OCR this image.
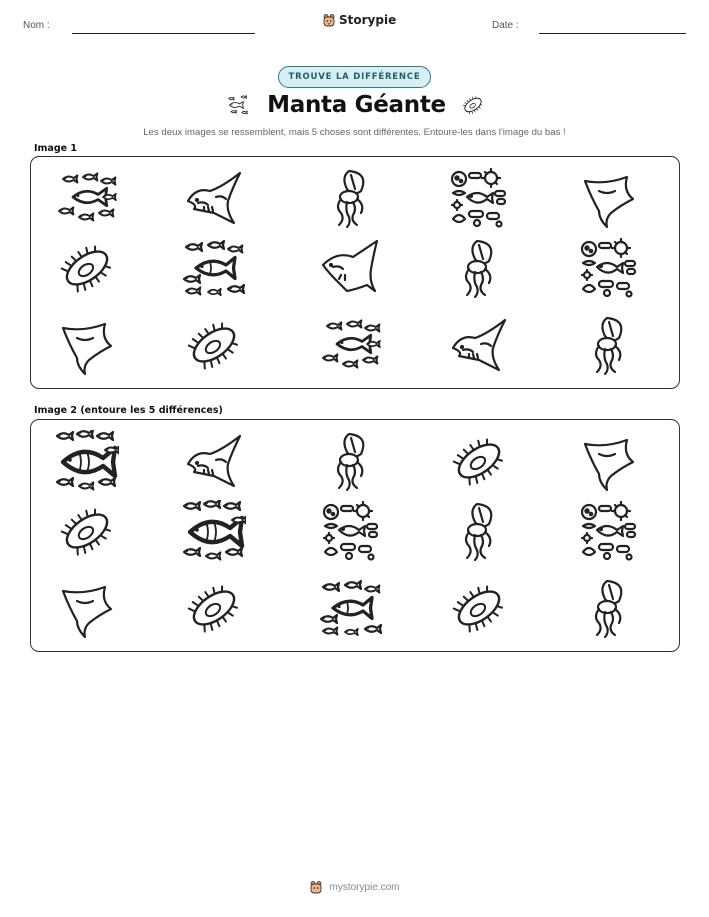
Nom :	Storypie	Date :
TROUVE LA DIFFÉRENCE
Manta Géante
Les deux images se ressemblent, mais 5 choses sont différentes. Entoure-les dans l'image du bas !
Image 1
Image 2 (entoure les 5 différences)
mystorypie.com
